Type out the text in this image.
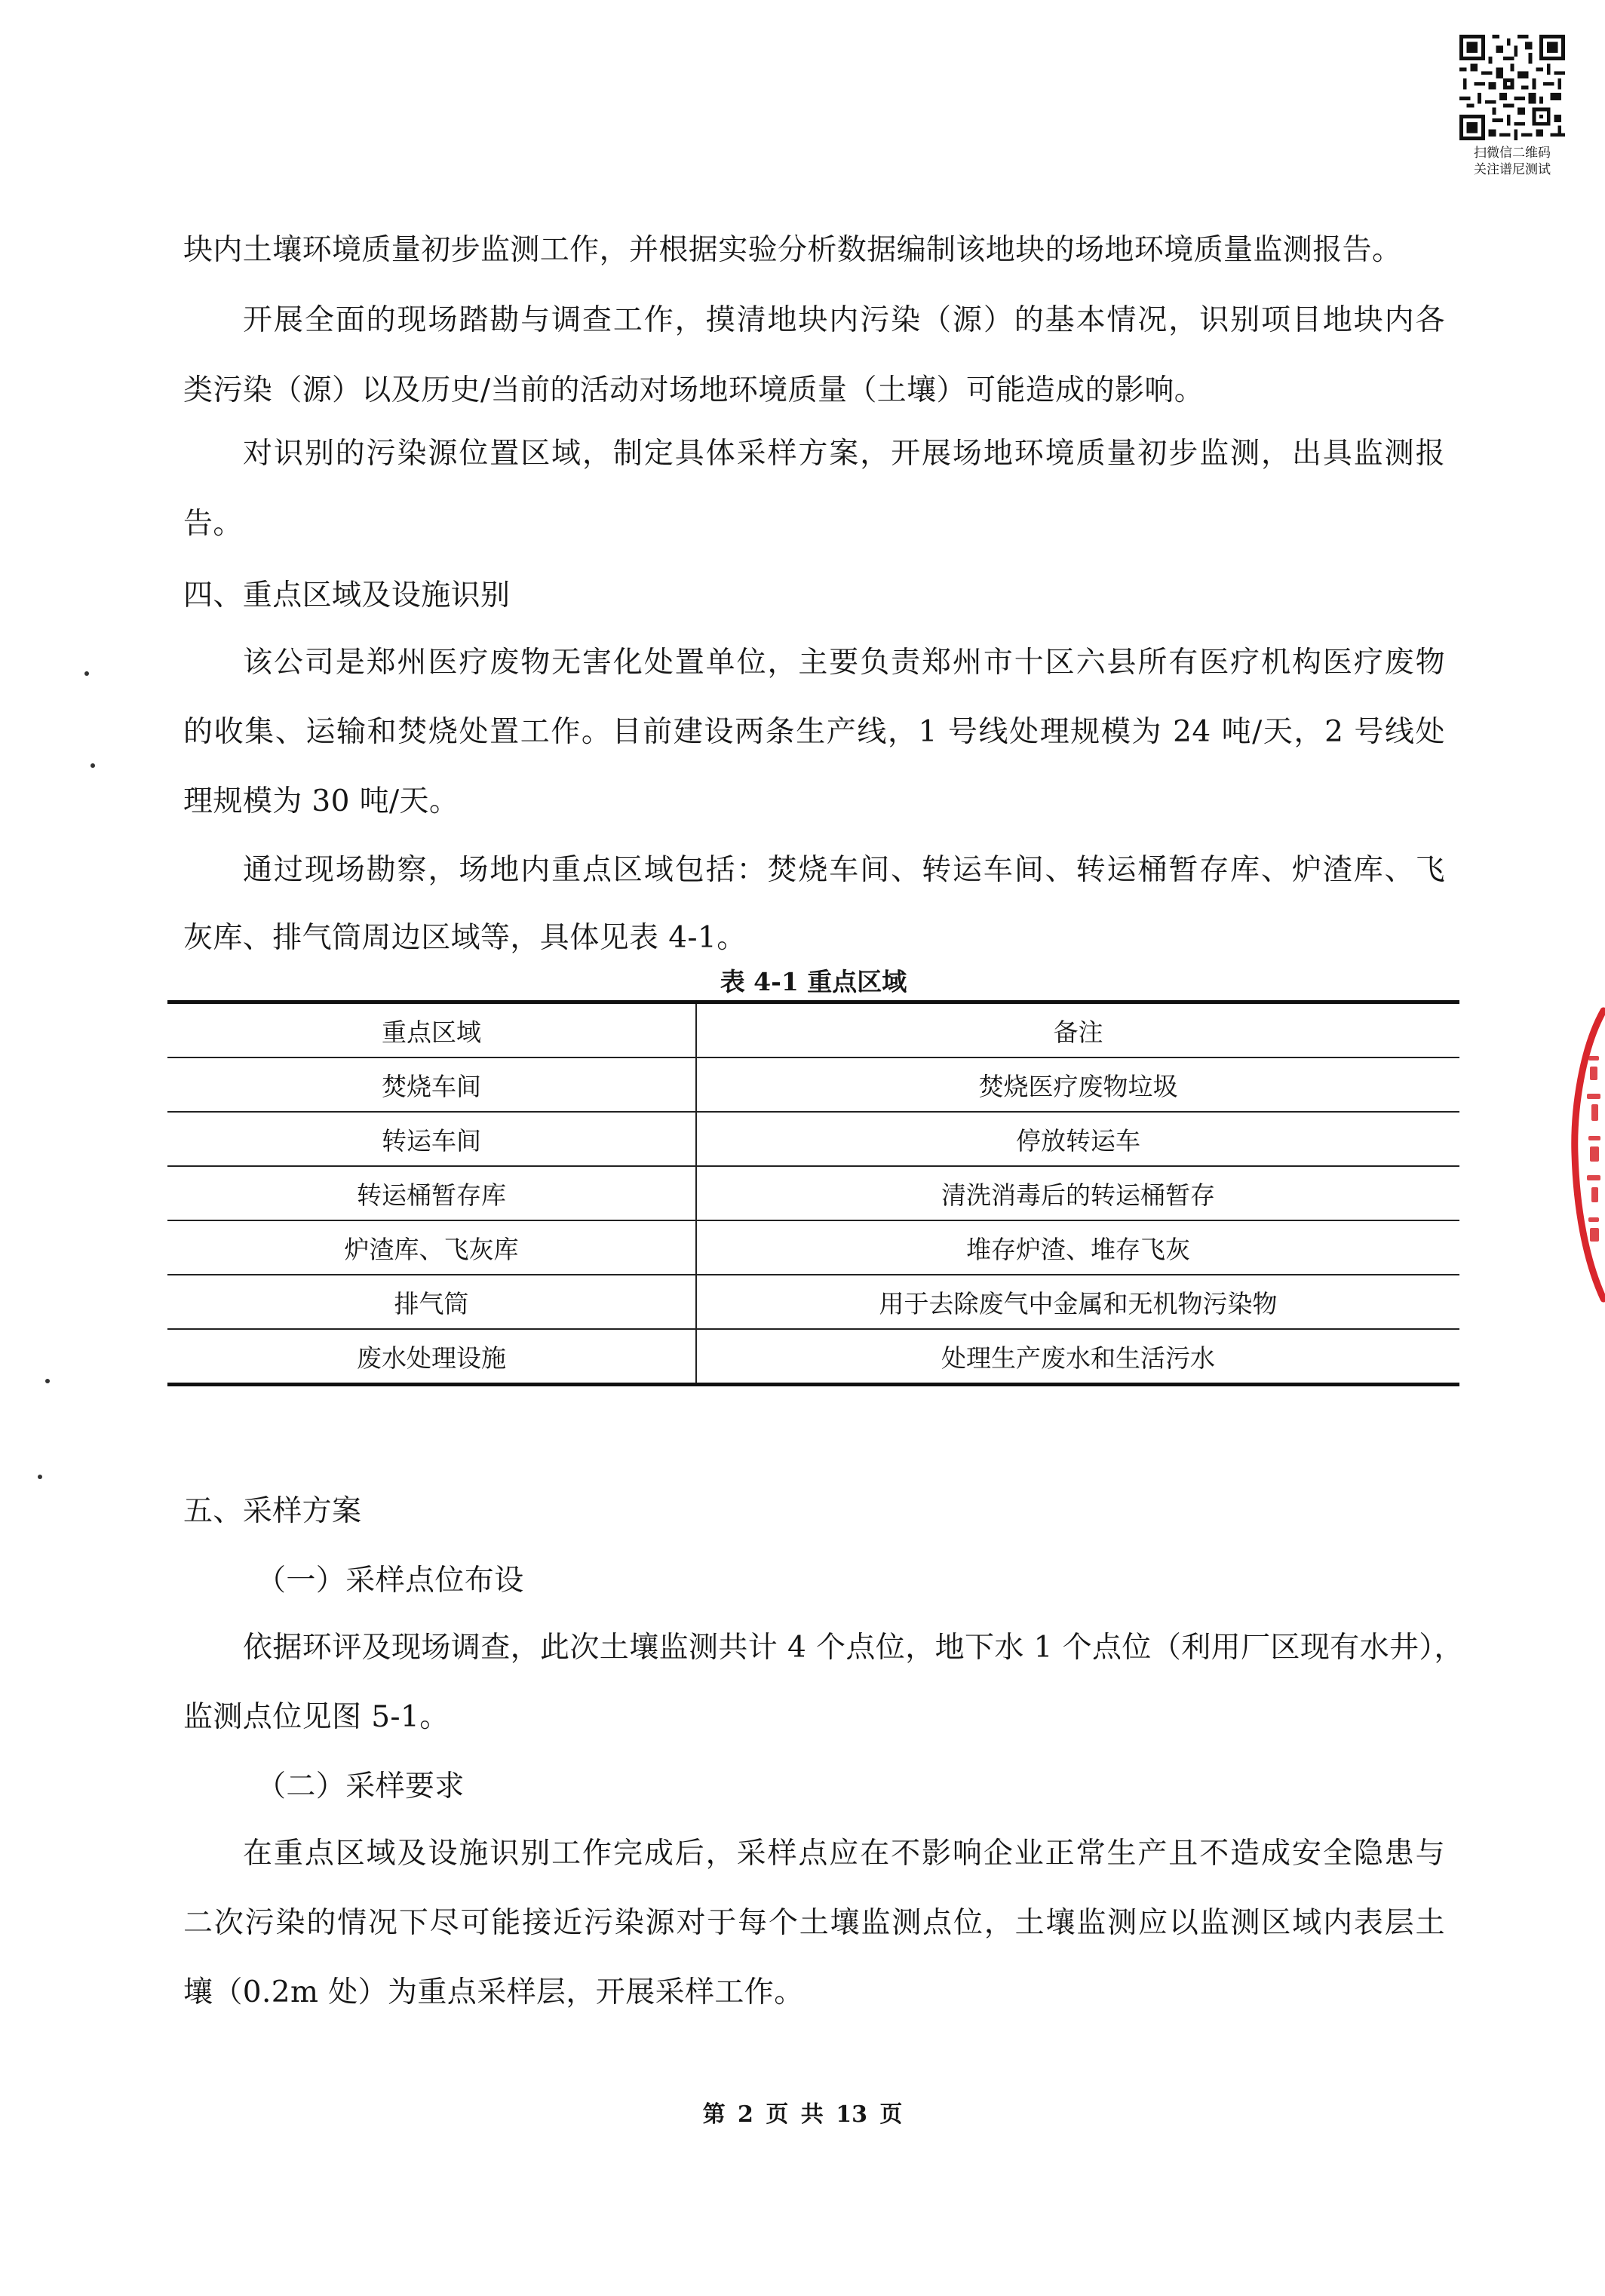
扫微信二维码
关注谱尼测试
块内土壤环境质量初步监测工作，并根据实验分析数据编制该地块的场地环境质量监测报告。
开展全面的现场踏勘与调查工作，摸清地块内污染（源）的基本情况，识别项目地块内各
类污染（源）以及历史/当前的活动对场地环境质量（土壤）可能造成的影响。
对识别的污染源位置区域，制定具体采样方案，开展场地环境质量初步监测，出具监测报
告。
四、重点区域及设施识别
该公司是郑州医疗废物无害化处置单位，主要负责郑州市十区六县所有医疗机构医疗废物
的收集、运输和焚烧处置工作。目前建设两条生产线，1 号线处理规模为 24 吨/天，2 号线处
理规模为 30 吨/天。
通过现场勘察，场地内重点区域包括：焚烧车间、转运车间、转运桶暂存库、炉渣库、飞
灰库、排气筒周边区域等，具体见表 4-1。
表 4-1 重点区域
重点区域	备注
焚烧车间	焚烧医疗废物垃圾
转运车间	停放转运车
转运桶暂存库	清洗消毒后的转运桶暂存
炉渣库、飞灰库	堆存炉渣、堆存飞灰
排气筒	用于去除废气中金属和无机物污染物
废水处理设施	处理生产废水和生活污水
五、采样方案
（一）采样点位布设
依据环评及现场调查，此次土壤监测共计 4 个点位，地下水 1 个点位（利用厂区现有水井），
监测点位见图 5-1。
（二）采样要求
在重点区域及设施识别工作完成后，采样点应在不影响企业正常生产且不造成安全隐患与
二次污染的情况下尽可能接近污染源对于每个土壤监测点位，土壤监测应以监测区域内表层土
壤（0.2m 处）为重点采样层，开展采样工作。
第 2 页 共 13 页
